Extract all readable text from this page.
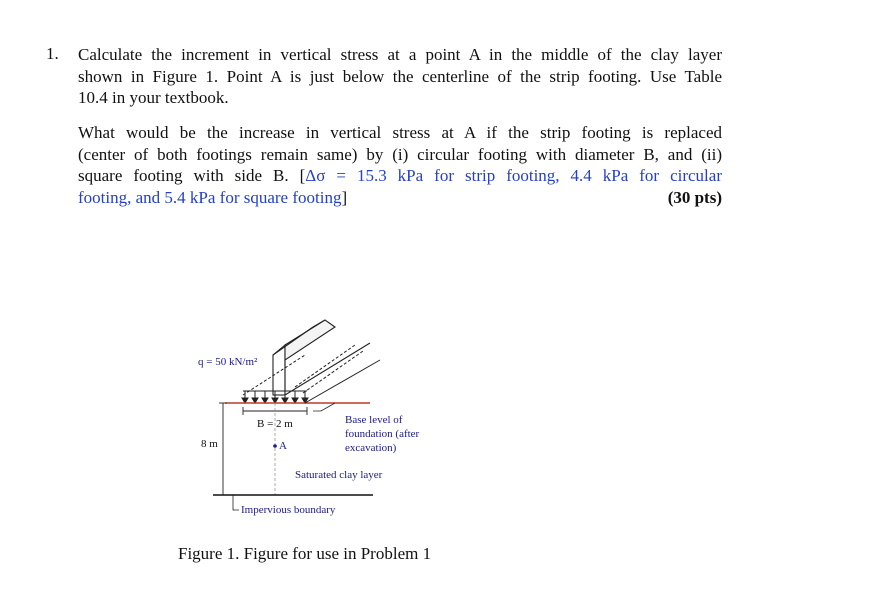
1. Calculate the increment in vertical stress at a point A in the middle of the clay layer
shown in Figure 1. Point A is just below the centerline of the strip footing. Use Table
10.4 in your textbook.
What would be the increase in vertical stress at A if the strip footing is replaced
(center of both footings remain same) by (i) circular footing with diameter B, and (ii)
square footing with side B. [Δσ = 15.3 kPa for strip footing, 4.4 kPa for circular
footing, and 5.4 kPa for square footing]	(30 pts)
B = 2 m
8 m	A
q = 50 kN/m²
Base level of
foundation (after
excavation)
Saturated clay layer
Impervious boundary
Figure 1. Figure for use in Problem 1
